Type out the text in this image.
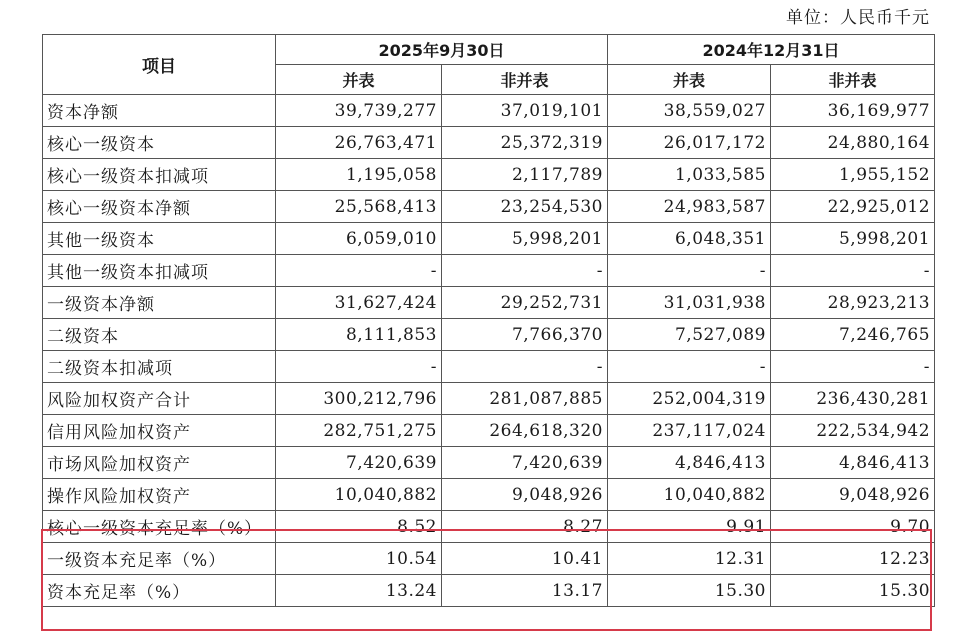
单位：人民币千元
项目	2025年9月30日		2024年12月31日	
	并表	非并表	并表	非并表
资本净额	39,739,277	37,019,101	38,559,027	36,169,977
核心一级资本	26,763,471	25,372,319	26,017,172	24,880,164
核心一级资本扣减项	1,195,058	2,117,789	1,033,585	1,955,152
核心一级资本净额	25,568,413	23,254,530	24,983,587	22,925,012
其他一级资本	6,059,010	5,998,201	6,048,351	5,998,201
其他一级资本扣减项	-	-	-	-
一级资本净额	31,627,424	29,252,731	31,031,938	28,923,213
二级资本	8,111,853	7,766,370	7,527,089	7,246,765
二级资本扣减项	-	-	-	-
风险加权资产合计	300,212,796	281,087,885	252,004,319	236,430,281
信用风险加权资产	282,751,275	264,618,320	237,117,024	222,534,942
市场风险加权资产	7,420,639	7,420,639	4,846,413	4,846,413
操作风险加权资产	10,040,882	9,048,926	10,040,882	9,048,926
核心一级资本充足率（%）	8.52	8.27	9.91	9.70
一级资本充足率（%）	10.54	10.41	12.31	12.23
资本充足率（%）	13.24	13.17	15.30	15.30
